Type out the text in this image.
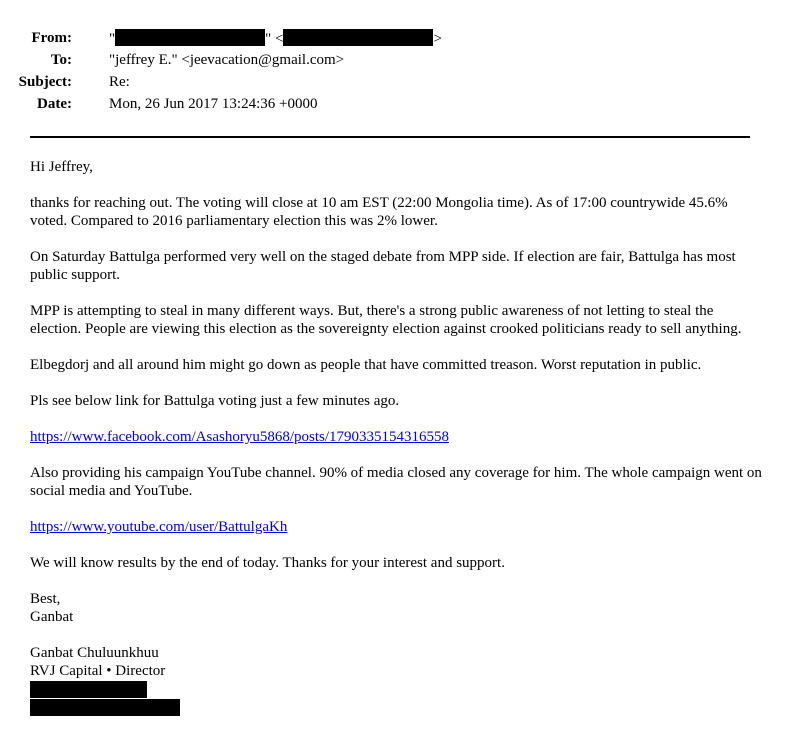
From: "	" <	>
To: "jeffrey E." <jeevacation@gmail.com>
Subject: Re:
Date: Mon, 26 Jun 2017 13:24:36 +0000

Hi Jeffrey,

thanks for reaching out. The voting will close at 10 am EST (22:00 Mongolia time). As of 17:00 countrywide 45.6% voted. Compared to 2016 parliamentary election this was 2% lower.

On Saturday Battulga performed very well on the staged debate from MPP side. If election are fair, Battulga has most public support.

MPP is attempting to steal in many different ways. But, there's a strong public awareness of not letting to steal the election. People are viewing this election as the sovereignty election against crooked politicians ready to sell anything.

Elbegdorj and all around him might go down as people that have committed treason. Worst reputation in public.

Pls see below link for Battulga voting just a few minutes ago.

https://www.facebook.com/Asashoryu5868/posts/1790335154316558

Also providing his campaign YouTube channel. 90% of media closed any coverage for him. The whole campaign went on social media and YouTube.

https://www.youtube.com/user/BattulgaKh

We will know results by the end of today. Thanks for your interest and support.

Best,

Ganbat

Ganbat Chuluunkhuu

RVJ Capital • Director
